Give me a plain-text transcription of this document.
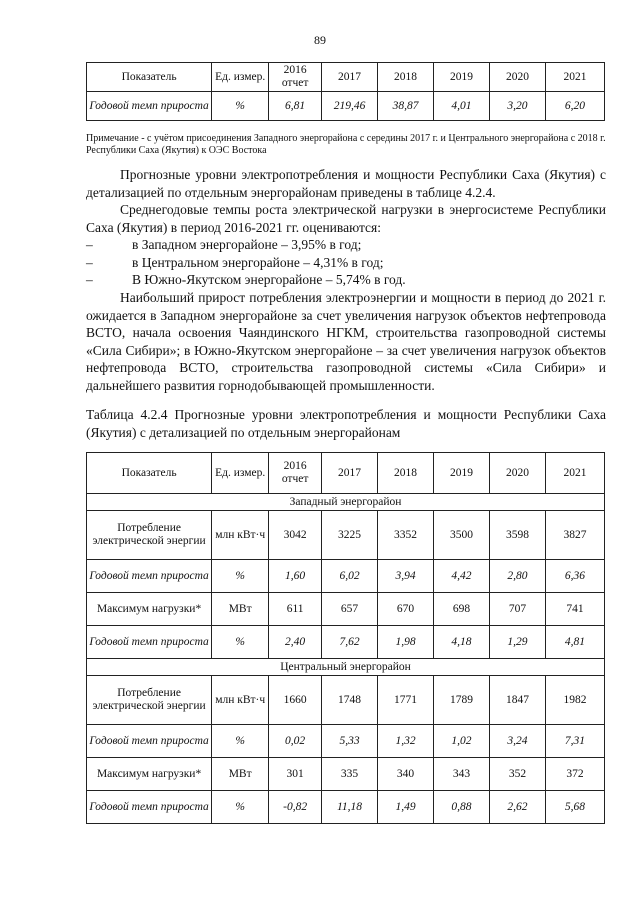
89
Показатель	Ед. измер.	2016 отчет	2017	2018	2019	2020	2021
Годовой темп прироста	%	6,81	219,46	38,87	4,01	3,20	6,20
Примечание - с учётом присоединения Западного энергорайона с середины 2017 г. и Центрального энергорайона с 2018 г. Республики Саха (Якутия) к ОЭС Востока
Прогнозные уровни электропотребления и мощности Республики Саха (Якутия) с детализацией по отдельным энергорайонам приведены в таблице 4.2.4.
Среднегодовые темпы роста электрической нагрузки в энергосистеме Республики Саха (Якутия) в период 2016-2021 гг. оцениваются:
–	в Западном энергорайоне – 3,95% в год;
–	в Центральном энергорайоне – 4,31% в год;
–	В Южно-Якутском энергорайоне – 5,74% в год.
Наибольший прирост потребления электроэнергии и мощности в период до 2021 г. ожидается в Западном энергорайоне за счет увеличения нагрузок объектов нефтепровода ВСТО, начала освоения Чаяндинского НГКМ, строительства газопроводной системы «Сила Сибири»; в Южно-Якутском энергорайоне – за счет увеличения нагрузок объектов нефтепровода ВСТО, строительства газопроводной системы «Сила Сибири» и дальнейшего развития горнодобывающей промышленности.
Таблица 4.2.4 Прогнозные уровни электропотребления и мощности Республики Саха (Якутия) с детализацией по отдельным энергорайонам
Показатель	Ед. измер.	2016 отчет	2017	2018	2019	2020	2021
Западный энергорайон							
Потребление электрической энергии	млн кВт·ч	3042	3225	3352	3500	3598	3827
Годовой темп прироста	%	1,60	6,02	3,94	4,42	2,80	6,36
Максимум нагрузки*	МВт	611	657	670	698	707	741
Годовой темп прироста	%	2,40	7,62	1,98	4,18	1,29	4,81
Центральный энергорайон							
Потребление электрической энергии	млн кВт·ч	1660	1748	1771	1789	1847	1982
Годовой темп прироста	%	0,02	5,33	1,32	1,02	3,24	7,31
Максимум нагрузки*	МВт	301	335	340	343	352	372
Годовой темп прироста	%	-0,82	11,18	1,49	0,88	2,62	5,68
